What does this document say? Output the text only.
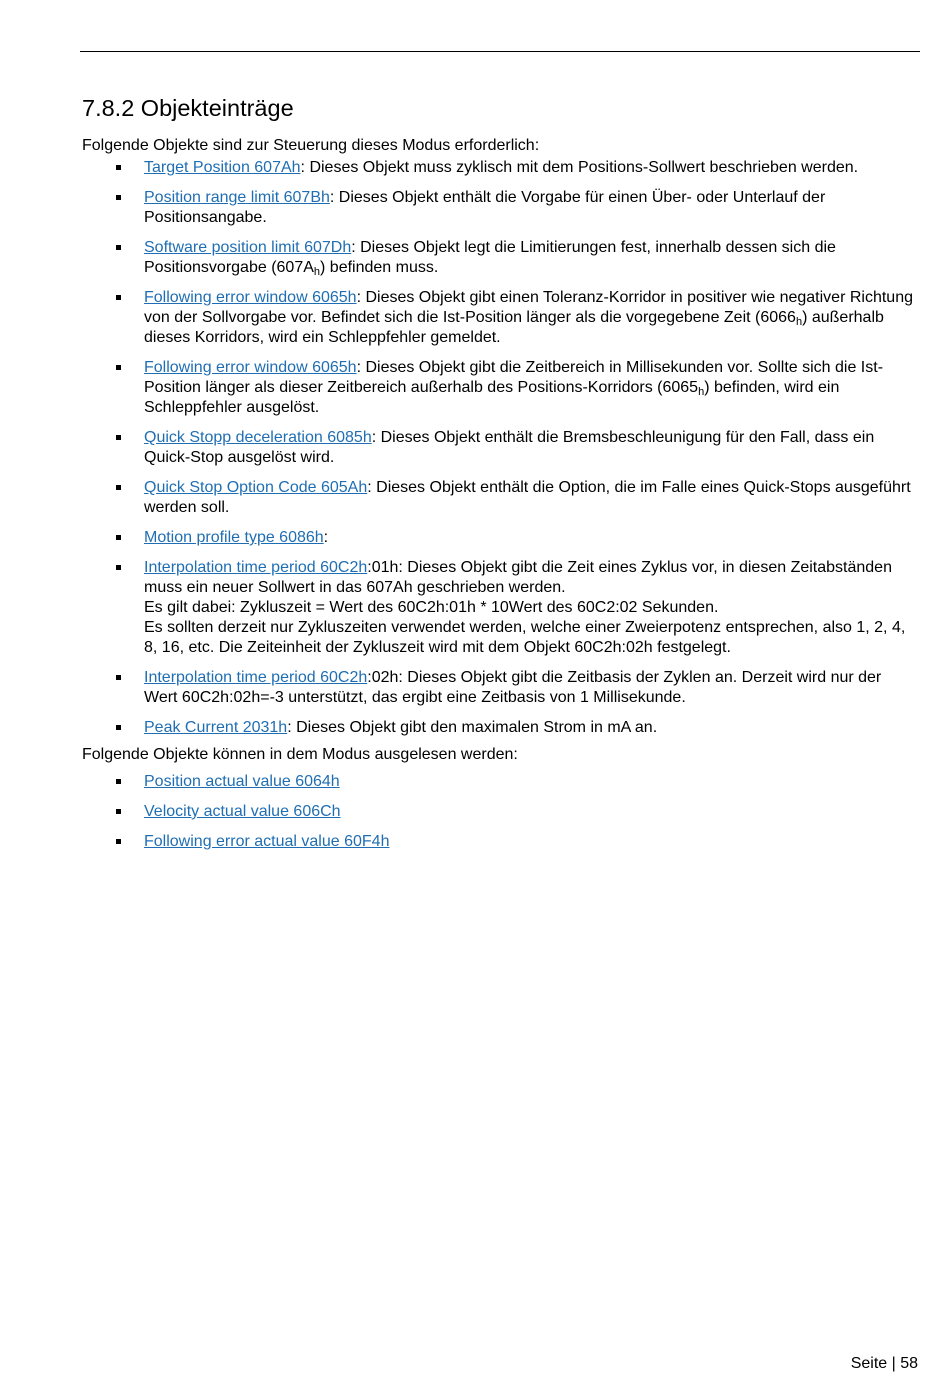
7.8.2 Objekteinträge

Folgende Objekte sind zur Steuerung dieses Modus erforderlich:

Target Position 607Ah: Dieses Objekt muss zyklisch mit dem Positions-Sollwert beschrieben werden.
Position range limit 607Bh: Dieses Objekt enthält die Vorgabe für einen Über- oder Unterlauf der Positionsangabe.
Software position limit 607Dh: Dieses Objekt legt die Limitierungen fest, innerhalb dessen sich die Positionsvorgabe $(607A_h)$ befinden muss.
Following error window 6065h: Dieses Objekt gibt einen Toleranz-Korridor in positiver wie negativer Richtung von der Sollvorgabe vor. Befindet sich die Ist-Position länger als die vorgegebene Zeit $(6066_h)$ außerhalb dieses Korridors, wird ein Schleppfehler gemeldet.
Following error window 6065h: Dieses Objekt gibt die Zeitbereich in Millisekunden vor. Sollte sich die Ist-Position länger als dieser Zeitbereich außerhalb des Positions-Korridors $(6065_h)$ befinden, wird ein Schleppfehler ausgelöst.
Quick Stopp deceleration 6085h: Dieses Objekt enthält die Bremsbeschleunigung für den Fall, dass ein Quick-Stop ausgelöst wird.
Quick Stop Option Code 605Ah: Dieses Objekt enthält die Option, die im Falle eines Quick-Stops ausgeführt werden soll.
Motion profile type 6086h:
Interpolation time period 60C2h:01h: Dieses Objekt gibt die Zeit eines Zyklus vor, in diesen Zeitabständen muss ein neuer Sollwert in das 607Ah geschrieben werden.
Es gilt dabei: Zykluszeit = Wert des 60C2h:01h * 10Wert des 60C2:02 Sekunden.
Es sollten derzeit nur Zykluszeiten verwendet werden, welche einer Zweierpotenz entsprechen, also 1, 2, 4, 8, 16, etc. Die Zeiteinheit der Zykluszeit wird mit dem Objekt 60C2h:02h festgelegt.
Interpolation time period 60C2h:02h: Dieses Objekt gibt die Zeitbasis der Zyklen an. Derzeit wird nur der Wert 60C2h:02h=-3 unterstützt, das ergibt eine Zeitbasis von 1 Millisekunde.
Peak Current 2031h: Dieses Objekt gibt den maximalen Strom in mA an.

Folgende Objekte können in dem Modus ausgelesen werden:

Position actual value 6064h
Velocity actual value 606Ch
Following error actual value 60F4h
Seite | 58
